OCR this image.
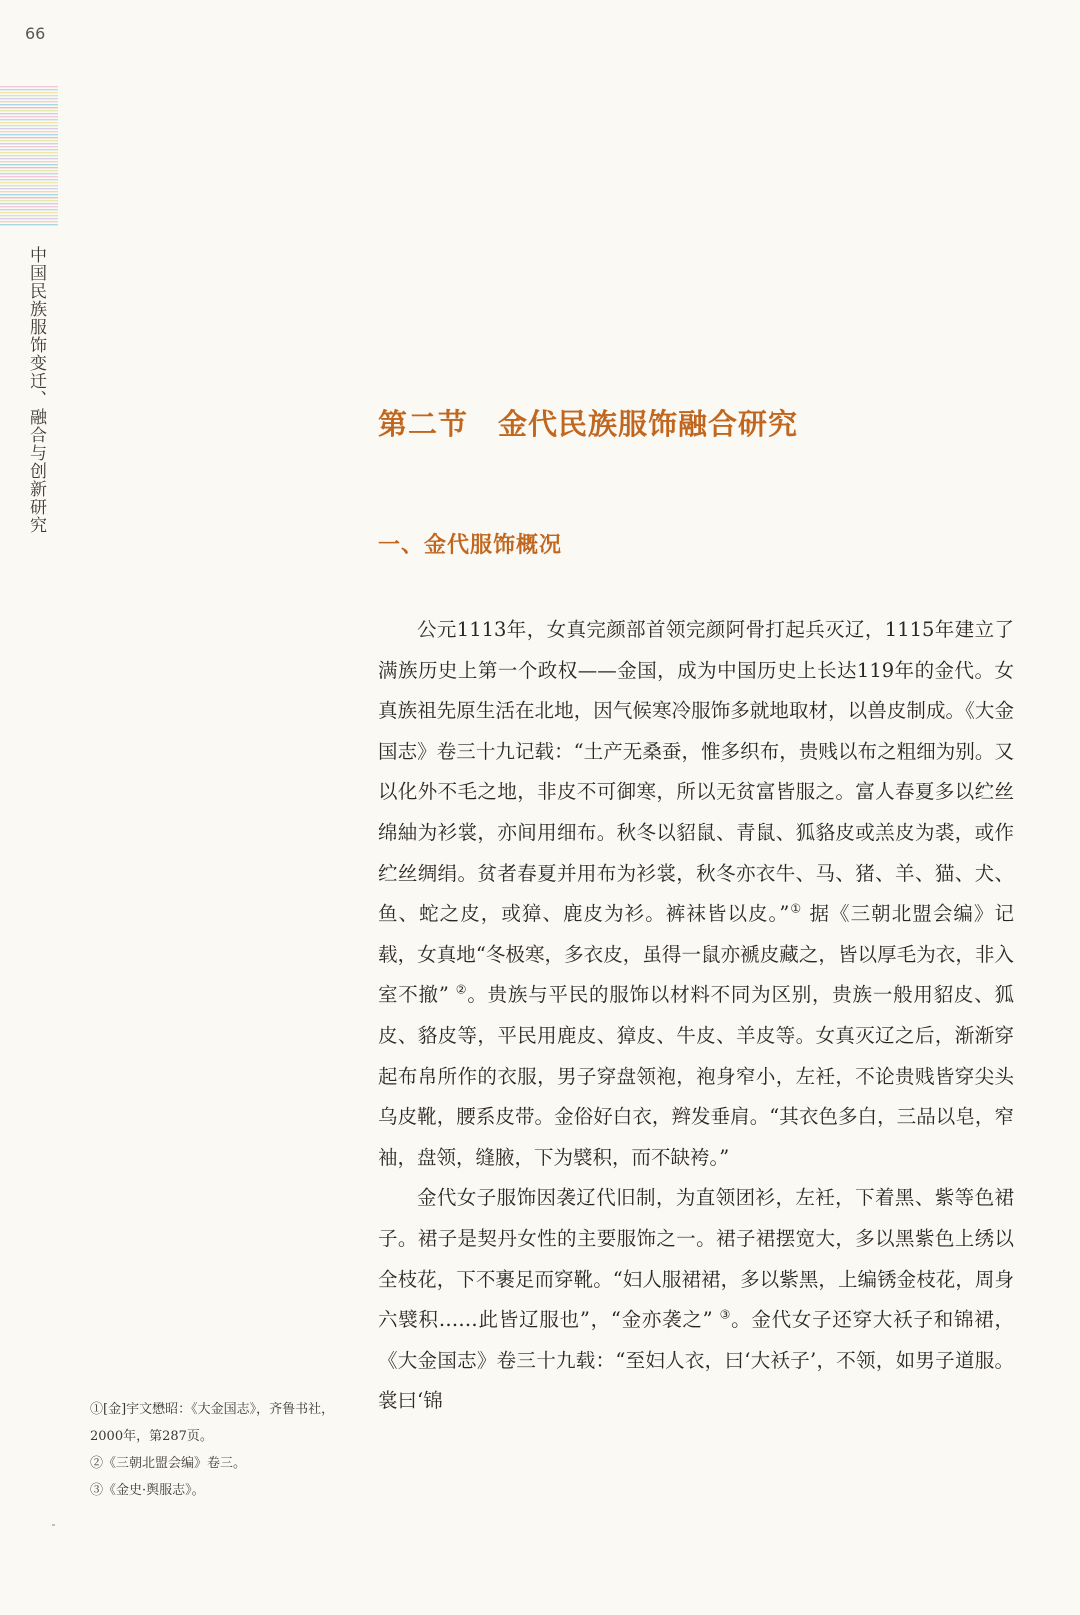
66
中国民族服饰变迁、融合与创新研究	第二节 金代民族服饰融合研究
一、金代服饰概况

公元1113年，女真完颜部首领完颜阿骨打起兵灭辽，1115年建立了满族历史上第一个政权——金国，成为中国历史上长达119年的金代。女真族祖先原生活在北地，因气候寒冷服饰多就地取材，以兽皮制成。《大金国志》卷三十九记载：“土产无桑蚕，惟多织布，贵贱以布之粗细为别。又以化外不毛之地，非皮不可御寒，所以无贫富皆服之。富人春夏多以纻丝绵紬为衫裳，亦间用细布。秋冬以貂鼠、青鼠、狐貉皮或羔皮为裘，或作纻丝绸绢。贫者春夏并用布为衫裳，秋冬亦衣牛、马、猪、羊、猫、犬、鱼、蛇之皮，或獐、鹿皮为衫。裤袜皆以皮。”① 据《三朝北盟会编》记载，女真地“冬极寒，多衣皮，虽得一鼠亦褫皮藏之，皆以厚毛为衣，非入室不撤” ②。贵族与平民的服饰以材料不同为区别，贵族一般用貂皮、狐皮、貉皮等，平民用鹿皮、獐皮、牛皮、羊皮等。女真灭辽之后，渐渐穿起布帛所作的衣服，男子穿盘领袍，袍身窄小，左衽，不论贵贱皆穿尖头乌皮靴，腰系皮带。金俗好白衣，辫发垂肩。“其衣色多白，三品以皂，窄袖，盘领，缝腋，下为襞积，而不缺袴。”

金代女子服饰因袭辽代旧制，为直领团衫，左衽，下着黑、紫等色裙子。裙子是契丹女性的主要服饰之一。裙子裙摆宽大，多以黑紫色上绣以全枝花，下不裹足而穿靴。“妇人服裙裙，多以紫黑，上编锈金枝花，周身六襞积……此皆辽服也”，“金亦袭之” ③。金代女子还穿大袄子和锦裙，《大金国志》卷三十九载：“至妇人衣，曰‘大袄子’，不领，如男子道服。裳曰‘锦

①[金]宇文懋昭：《大金国志》，齐鲁书社，2000年，第287页。

②《三朝北盟会编》卷三。

③《金史·舆服志》。
